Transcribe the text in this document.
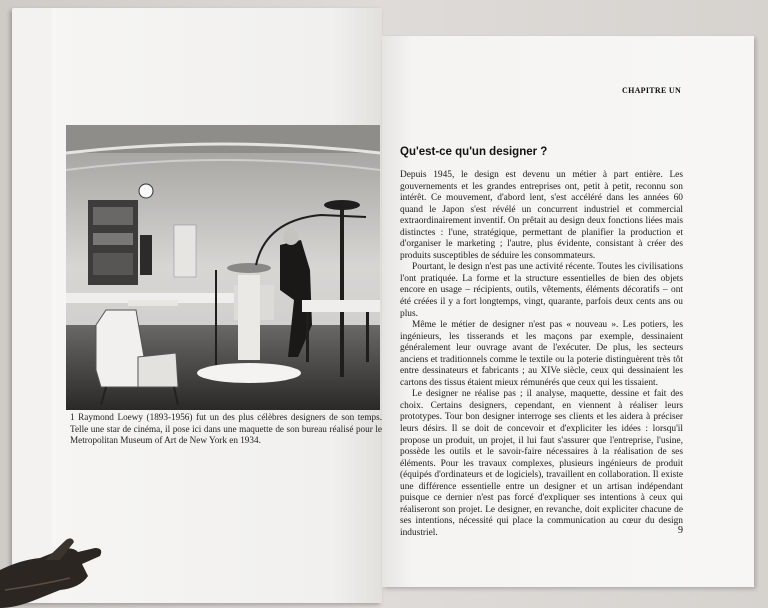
1 Raymond Loewy (1893-1956) fut un des plus célèbres designers de son temps. Telle une star de cinéma, il pose ici dans une maquette de son bureau réalisé pour le Metropolitan Museum of Art de New York en 1934.
CHAPITRE UN
Qu'est-ce qu'un designer ?

Depuis 1945, le design est devenu un métier à part entière. Les gouvernements et les grandes entreprises ont, petit à petit, reconnu son intérêt. Ce mouvement, d'abord lent, s'est accéléré dans les années 60 quand le Japon s'est révélé un concurrent industriel et commercial extraordinairement inventif. On prêtait au design deux fonctions liées mais distinctes : l'une, stratégique, permettant de planifier la production et d'organiser le marketing ; l'autre, plus évidente, consistant à créer des produits susceptibles de séduire les consommateurs.

Pourtant, le design n'est pas une activité récente. Toutes les civilisations l'ont pratiquée. La forme et la structure essentielles de bien des objets encore en usage – récipients, outils, vêtements, éléments décoratifs – ont été créées il y a fort longtemps, vingt, quarante, parfois deux cents ans ou plus.

Même le métier de designer n'est pas « nouveau ». Les potiers, les ingénieurs, les tisserands et les maçons par exemple, dessinaient généralement leur ouvrage avant de l'exécuter. De plus, les secteurs anciens et traditionnels comme le textile ou la poterie distinguèrent très tôt entre dessinateurs et fabricants ; au XIVe siècle, ceux qui dessinaient les cartons des tissus étaient mieux rémunérés que ceux qui les tissaient.

Le designer ne réalise pas ; il analyse, maquette, dessine et fait des choix. Certains designers, cependant, en viennent à réaliser leurs prototypes. Tour bon designer interroge ses clients et les aidera à préciser leurs désirs. Il se doit de concevoir et d'expliciter les idées : lorsqu'il propose un produit, un projet, il lui faut s'assurer que l'entreprise, l'usine, possède les outils et le savoir-faire nécessaires à la réalisation de ses éléments. Pour les travaux complexes, plusieurs ingénieurs de produit (équipés d'ordinateurs et de logiciels), travaillent en collaboration. Il existe une différence essentielle entre un designer et un artisan indépendant puisque ce dernier n'est pas forcé d'expliquer ses intentions à ceux qui réaliseront son projet. Le designer, en revanche, doit expliciter chacune de ses intentions, nécessité qui place la communication au cœur du design industriel.	9
